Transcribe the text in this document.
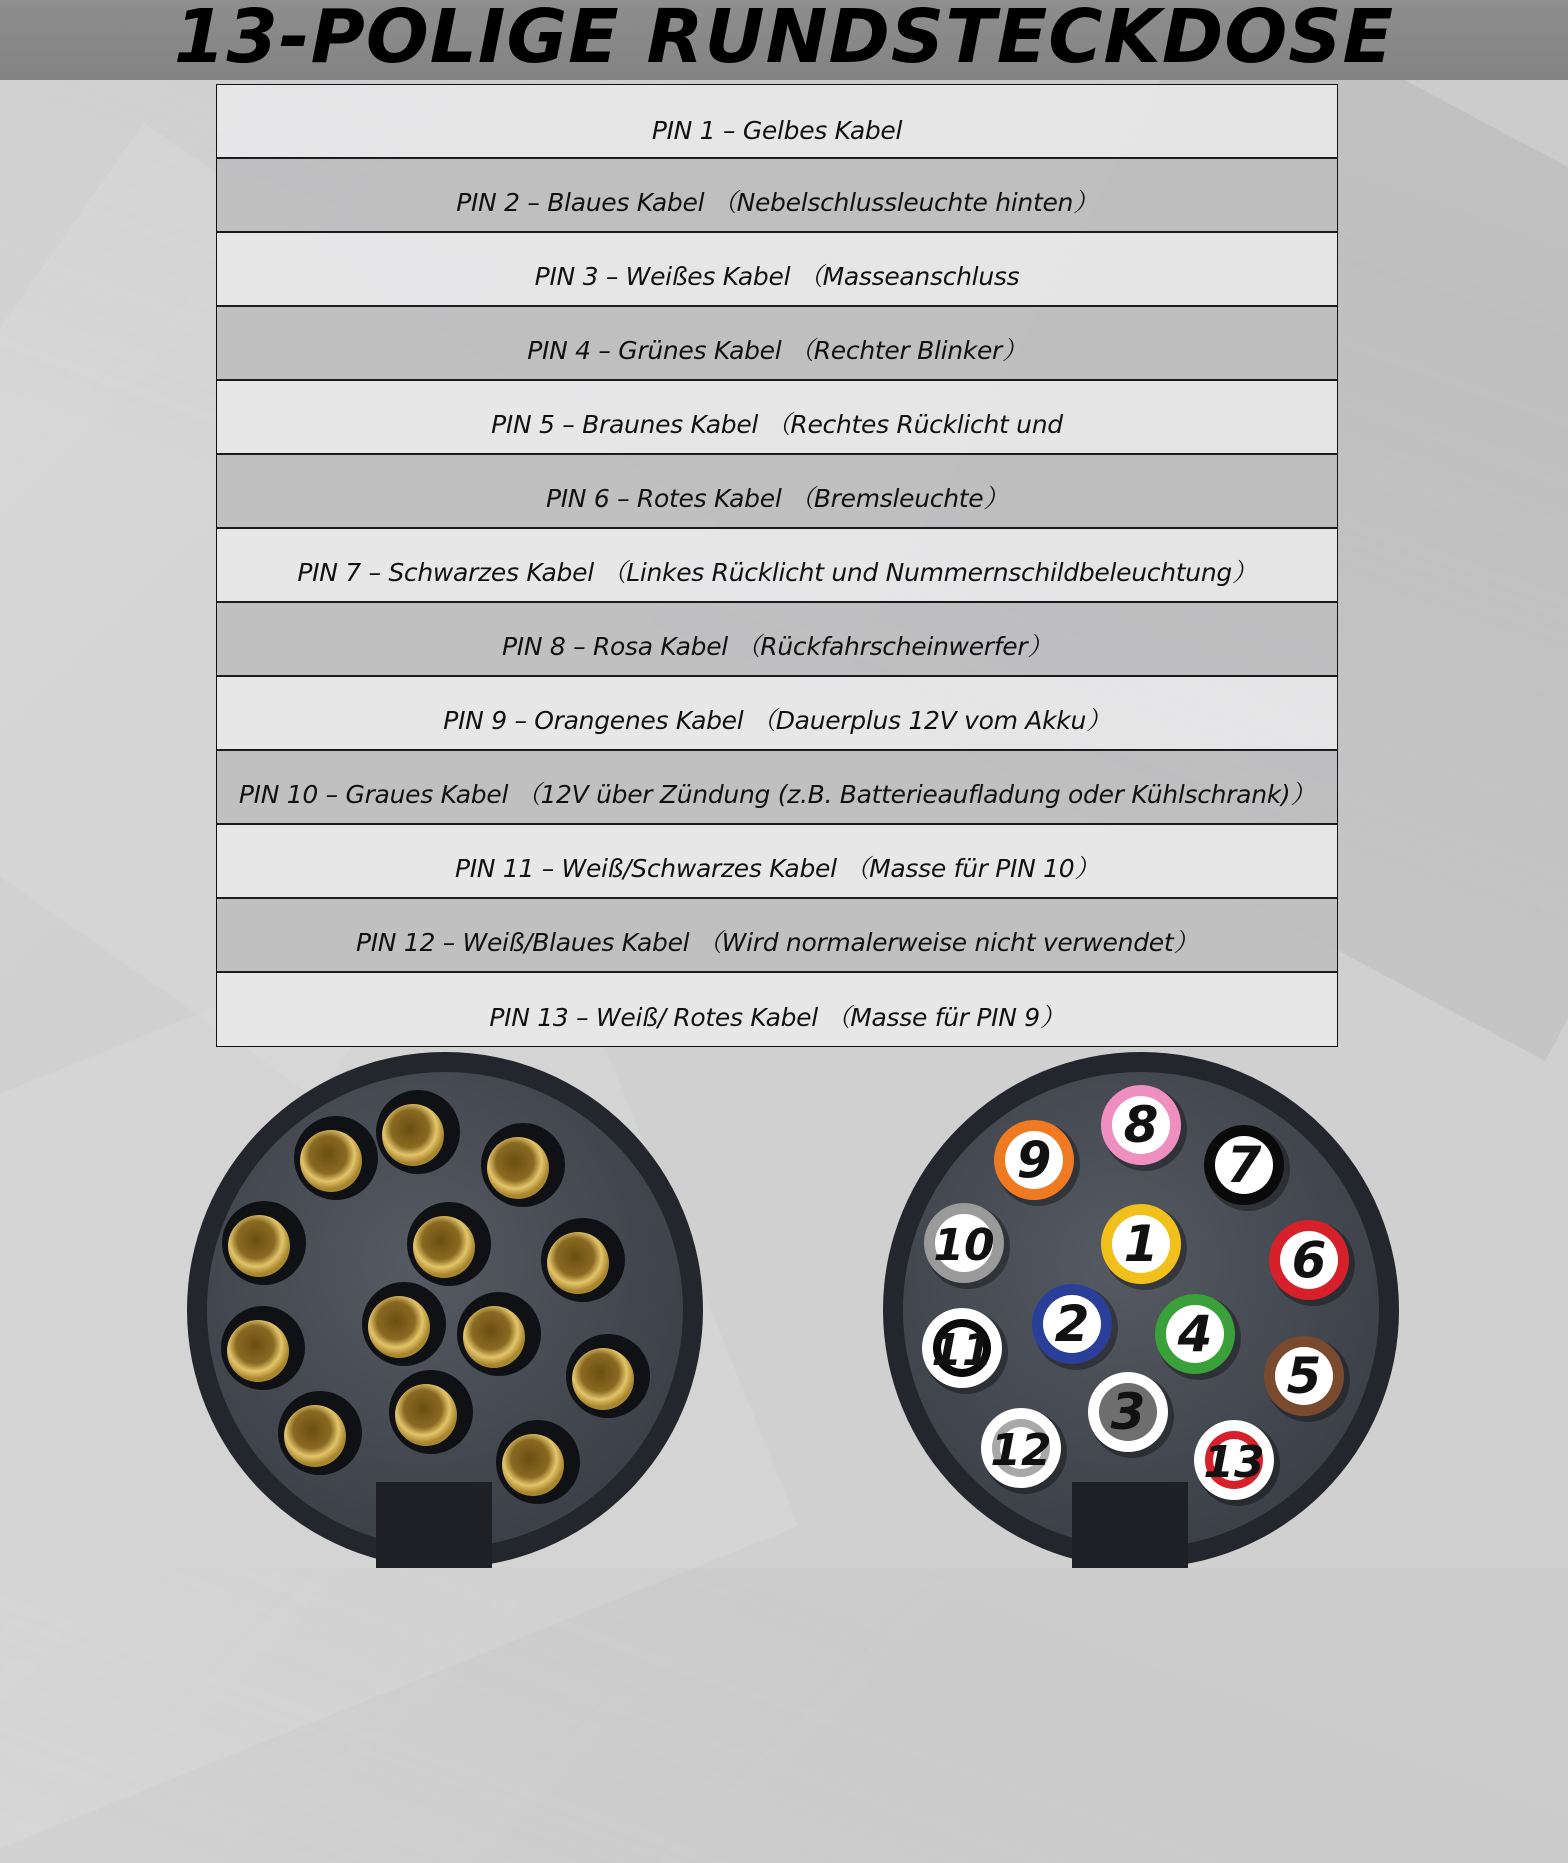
13-POLIGE RUNDSTECKDOSE
PIN 1 – Gelbes Kabel
PIN 2 – Blaues Kabel （Nebelschlussleuchte hinten）
PIN 3 – Weißes Kabel （Masseanschluss
PIN 4 – Grünes Kabel （Rechter Blinker）
PIN 5 – Braunes Kabel （Rechtes Rücklicht und
PIN 6 – Rotes Kabel （Bremsleuchte）
PIN 7 – Schwarzes Kabel （Linkes Rücklicht und Nummernschildbeleuchtung）
PIN 8 – Rosa Kabel （Rückfahrscheinwerfer）
PIN 9 – Orangenes Kabel （Dauerplus 12V vom Akku）
PIN 10 – Graues Kabel （12V über Zündung (z.B. Batterieaufladung oder Kühlschrank)）
PIN 11 – Weiß/Schwarzes Kabel （Masse für PIN 10）
PIN 12 – Weiß/Blaues Kabel （Wird normalerweise nicht verwendet）
PIN 13 – Weiß/ Rotes Kabel （Masse für PIN 9）
1
2
3
4
5
6
7
8
9
10
11
12	13
